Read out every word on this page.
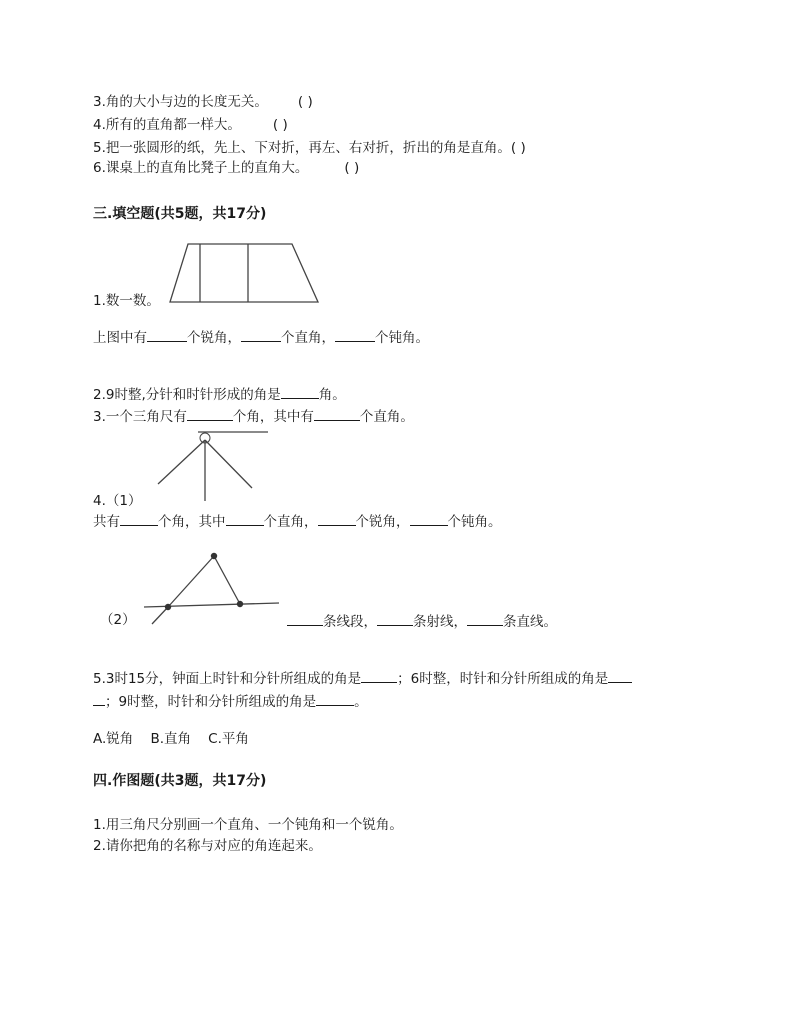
3.角的大小与边的长度无关。 ( )
4.所有的直角都一样大。 ( )
5.把一张圆形的纸，先上、下对折，再左、右对折，折出的角是直角。( )
6.课桌上的直角比凳子上的直角大。	( )
三.填空题(共5题，共17分)
1.数一数。
上图中有	个锐角，	个直角，	个钝角。
2.9时整,分针和时针形成的角是	角。
3.一个三角尺有	个角，其中有	个直角。
4.（1）
共有	个角，其中	个直角，	个锐角，	个钝角。
（2）	条线段，	条射线，	条直线。
5.3时15分，钟面上时针和分针所组成的角是	；6时整，时针和分针所组成的角是
；9时整，时针和分针所组成的角是	。
A.锐角    B.直角    C.平角
四.作图题(共3题，共17分)
1.用三角尺分别画一个直角、一个钝角和一个锐角。
2.请你把角的名称与对应的角连起来。
